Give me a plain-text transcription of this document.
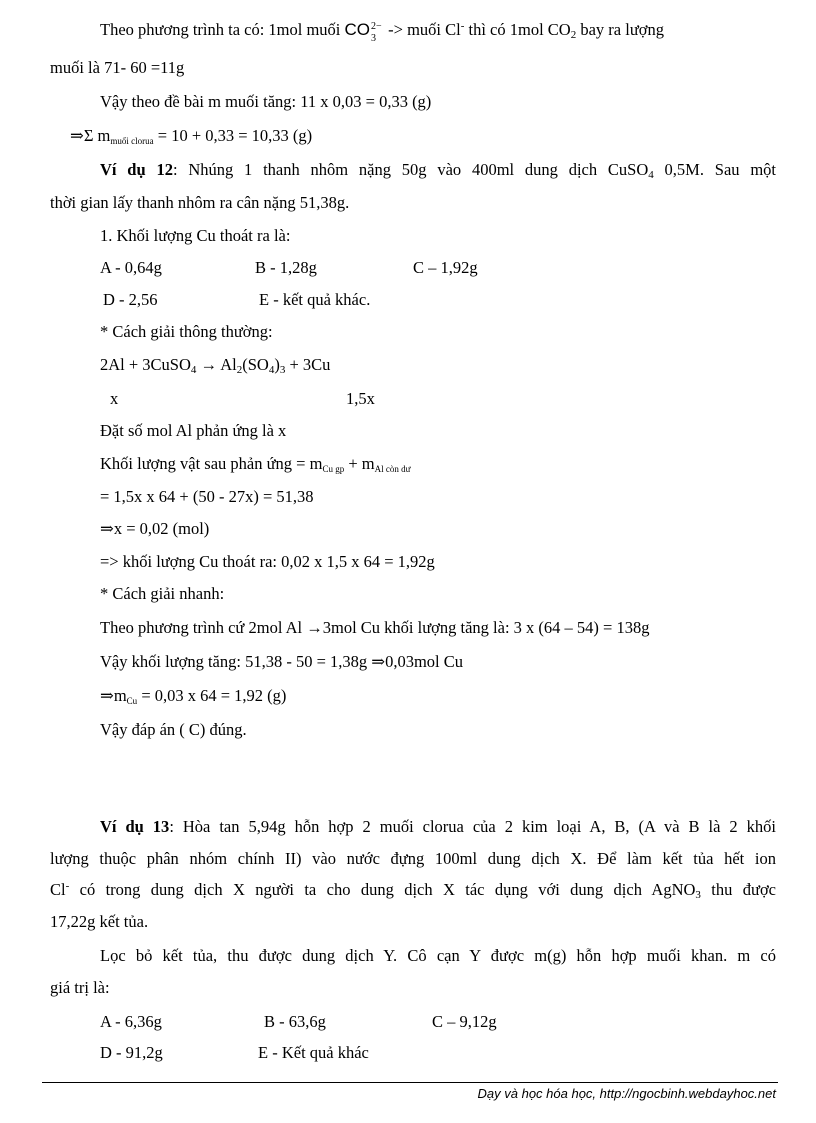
Theo phương trình ta có: 1mol muối CO 2−
3 -> muối Cl- thì có 1mol $CO_2$ bay ra lượng
muối là 71- 60 =11g
Vậy theo đề bài m muối tăng: 11 x 0,03 = 0,33 (g)
⇒Σ mmuối clorua = 10 + 0,33 = 10,33 (g)
Ví dụ 12: Nhúng 1 thanh nhôm nặng 50g vào 400ml dung dịch CuSO$_4$ 0,5M. Sau một
thời gian lấy thanh nhôm ra cân nặng 51,38g.
1. Khối lượng Cu thoát ra là:
A - 0,64g	B - 1,28g	C – 1,92g
D - 2,56	E - kết quả khác.
* Cách giải thông thường:
2Al + 3CuSO$_4$ → $Al_2(SO_4)_3 + 3Cu$
x	1,5x
Đặt số mol Al phản ứng là x
Khối lượng vật sau phản ứng = mCu gp + mAl còn dư
= 1,5x x 64 + (50 - 27x) = 51,38
⇒x = 0,02 (mol)
=> khối lượng Cu thoát ra: 0,02 x 1,5 x 64 = 1,92g
* Cách giải nhanh:
Theo phương trình cứ 2mol Al →3mol Cu khối lượng tăng là: 3 x (64 – 54) = 138g
Vậy khối lượng tăng: 51,38 - 50 = 1,38g ⇒0,03mol Cu
⇒mCu = 0,03 x 64 = 1,92 (g)
Vậy đáp án ( C) đúng.
Ví dụ 13: Hòa tan 5,94g hỗn hợp 2 muối clorua của 2 kim loại A, B, (A và B là 2 khối
lượng thuộc phân nhóm chính II) vào nước đựng 100ml dung dịch X. Để làm kết tủa hết ion
Cl- có trong dung dịch X người ta cho dung dịch X tác dụng với dung dịch AgNO$_3$ thu được
17,22g kết tủa.
Lọc bỏ kết tủa, thu được dung dịch Y. Cô cạn Y được m(g) hỗn hợp muối khan. m có
giá trị là:
A - 6,36g	B - 63,6g	C – 9,12g
D - 91,2g	E - Kết quả khác
Dạy và học hóa học, http://ngocbinh.webdayhoc.net
